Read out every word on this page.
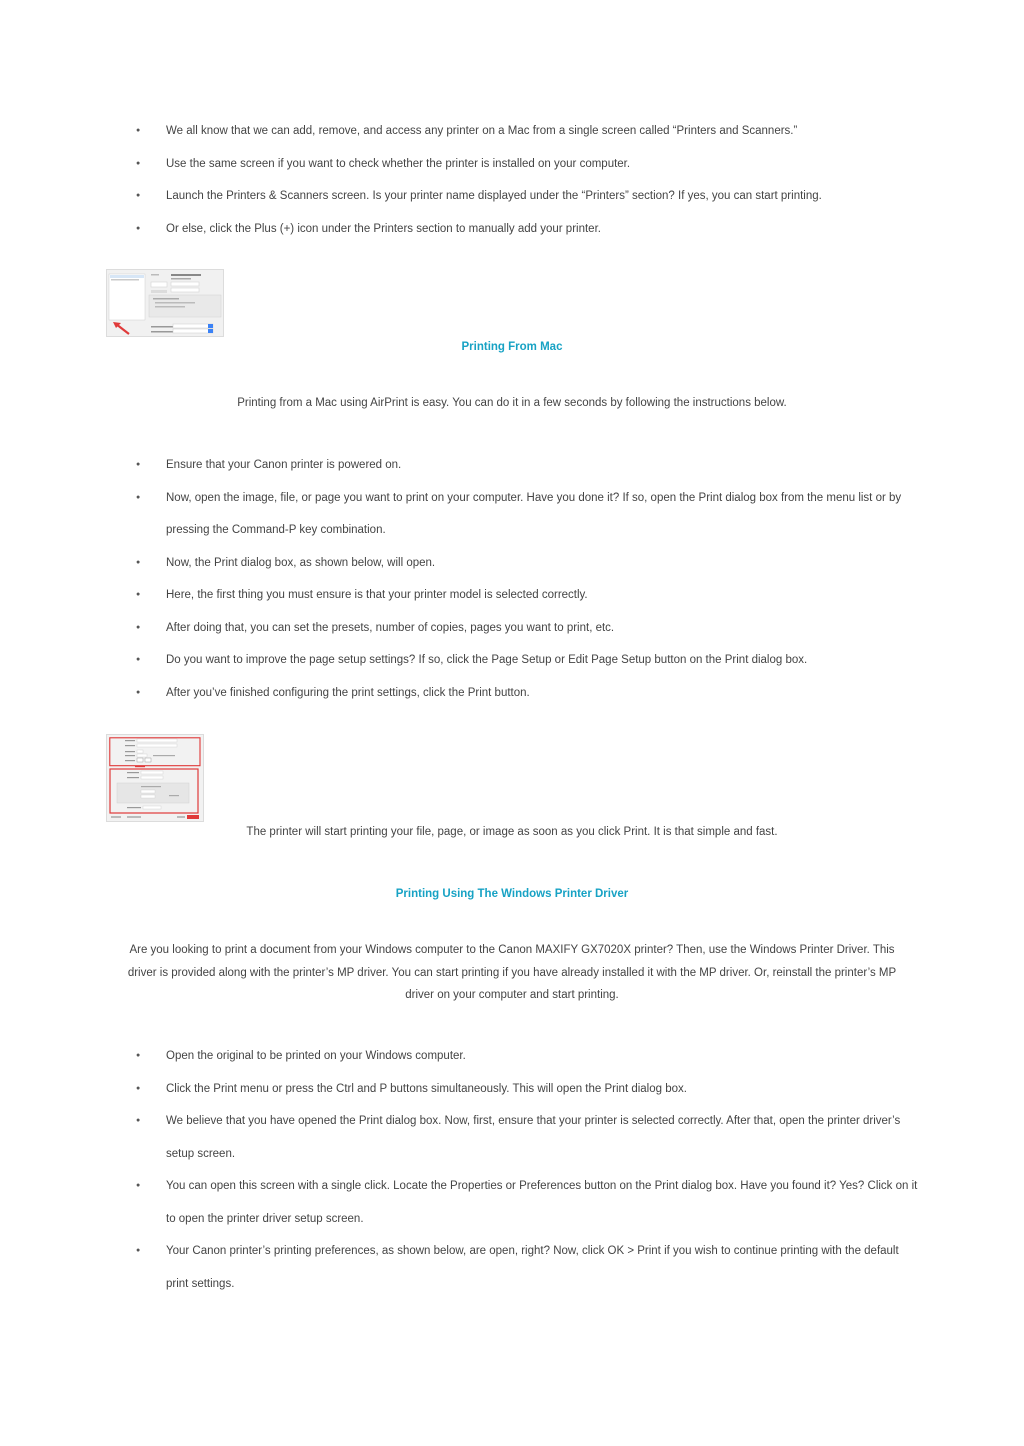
● We all know that we can add, remove, and access any printer on a Mac from a single screen called “Printers and Scanners.”
● Use the same screen if you want to check whether the printer is installed on your computer.
● Launch the Printers & Scanners screen. Is your printer name displayed under the “Printers” section? If yes, you can start printing.
● Or else, click the Plus (+) icon under the Printers section to manually add your printer.
Printing From Mac
Printing from a Mac using AirPrint is easy. You can do it in a few seconds by following the instructions below.
● Ensure that your Canon printer is powered on.
● Now, open the image, file, or page you want to print on your computer. Have you done it? If so, open the Print dialog box from the menu list or by pressing the Command-P key combination.
● Now, the Print dialog box, as shown below, will open.
● Here, the first thing you must ensure is that your printer model is selected correctly.
● After doing that, you can set the presets, number of copies, pages you want to print, etc.
● Do you want to improve the page setup settings? If so, click the Page Setup or Edit Page Setup button on the Print dialog box.
● After you’ve finished configuring the print settings, click the Print button.
The printer will start printing your file, page, or image as soon as you click Print. It is that simple and fast.
Printing Using The Windows Printer Driver
Are you looking to print a document from your Windows computer to the Canon MAXIFY GX7020X printer? Then, use the Windows Printer Driver. This driver is provided along with the printer’s MP driver. You can start printing if you have already installed it with the MP driver. Or, reinstall the printer’s MP driver on your computer and start printing.
● Open the original to be printed on your Windows computer.
● Click the Print menu or press the Ctrl and P buttons simultaneously. This will open the Print dialog box.
● We believe that you have opened the Print dialog box. Now, first, ensure that your printer is selected correctly. After that, open the printer driver’s setup screen.
● You can open this screen with a single click. Locate the Properties or Preferences button on the Print dialog box. Have you found it? Yes? Click on it to open the printer driver setup screen.
● Your Canon printer’s printing preferences, as shown below, are open, right? Now, click OK > Print if you wish to continue printing with the default print settings.
